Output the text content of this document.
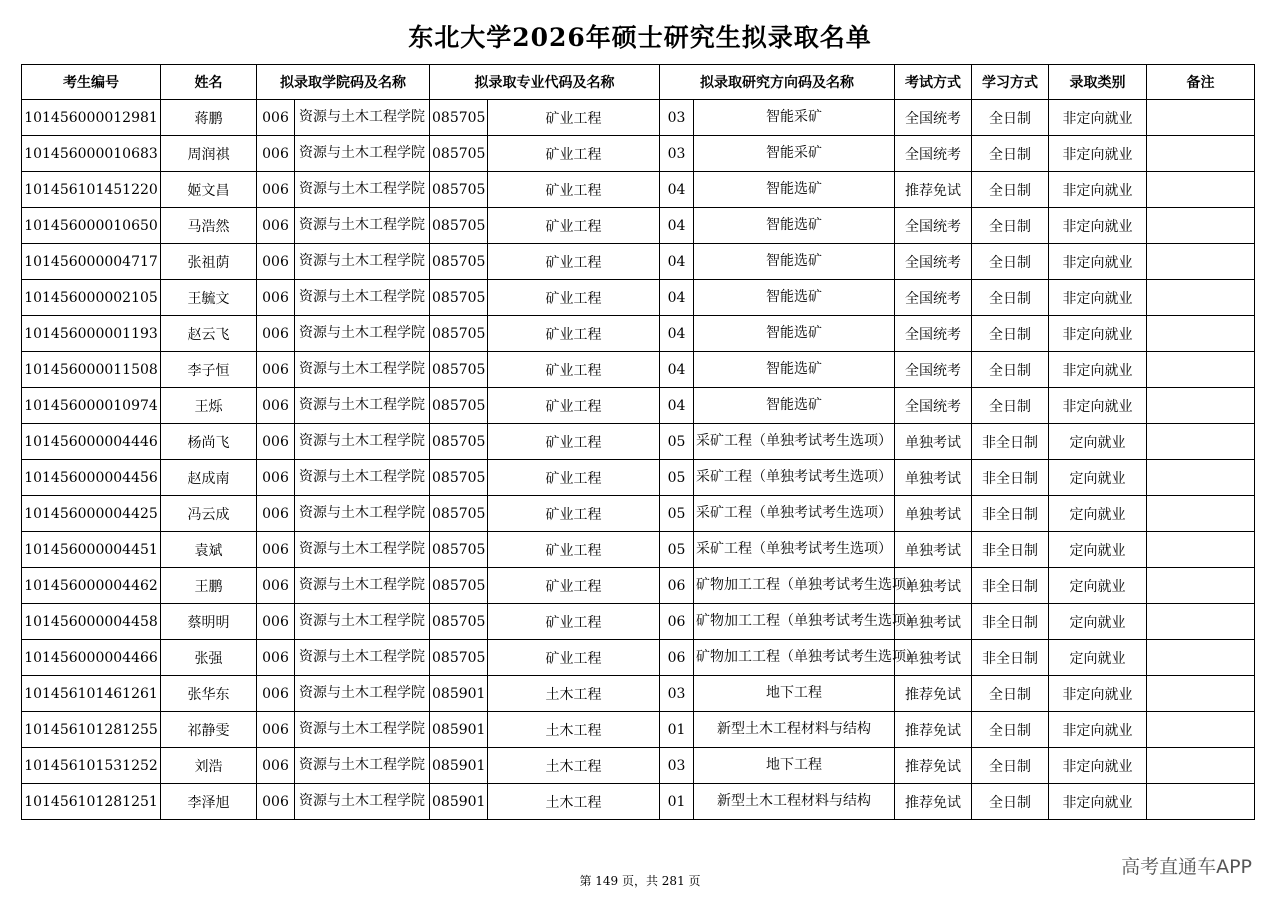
东北大学2026年硕士研究生拟录取名单
考生编号	姓名	拟录取学院码及名称		拟录取专业代码及名称		拟录取研究方向码及名称		考试方式	学习方式	录取类别	备注
101456000012981	蒋鹏	006	资源与土木工程学院	085705	矿业工程	03	智能采矿	全国统考	全日制	非定向就业	
101456000010683	周润祺	006	资源与土木工程学院	085705	矿业工程	03	智能采矿	全国统考	全日制	非定向就业	
101456101451220	姬文昌	006	资源与土木工程学院	085705	矿业工程	04	智能选矿	推荐免试	全日制	非定向就业	
101456000010650	马浩然	006	资源与土木工程学院	085705	矿业工程	04	智能选矿	全国统考	全日制	非定向就业	
101456000004717	张祖荫	006	资源与土木工程学院	085705	矿业工程	04	智能选矿	全国统考	全日制	非定向就业	
101456000002105	王毓文	006	资源与土木工程学院	085705	矿业工程	04	智能选矿	全国统考	全日制	非定向就业	
101456000001193	赵云飞	006	资源与土木工程学院	085705	矿业工程	04	智能选矿	全国统考	全日制	非定向就业	
101456000011508	李子恒	006	资源与土木工程学院	085705	矿业工程	04	智能选矿	全国统考	全日制	非定向就业	
101456000010974	王烁	006	资源与土木工程学院	085705	矿业工程	04	智能选矿	全国统考	全日制	非定向就业	
101456000004446	杨尚飞	006	资源与土木工程学院	085705	矿业工程	05	采矿工程（单独考试考生选项）	单独考试	非全日制	定向就业	
101456000004456	赵成南	006	资源与土木工程学院	085705	矿业工程	05	采矿工程（单独考试考生选项）	单独考试	非全日制	定向就业	
101456000004425	冯云成	006	资源与土木工程学院	085705	矿业工程	05	采矿工程（单独考试考生选项）	单独考试	非全日制	定向就业	
101456000004451	袁斌	006	资源与土木工程学院	085705	矿业工程	05	采矿工程（单独考试考生选项）	单独考试	非全日制	定向就业	
101456000004462	王鹏	006	资源与土木工程学院	085705	矿业工程	06	矿物加工工程（单独考试考生选项）	单独考试	非全日制	定向就业	
101456000004458	蔡明明	006	资源与土木工程学院	085705	矿业工程	06	矿物加工工程（单独考试考生选项）	单独考试	非全日制	定向就业	
101456000004466	张强	006	资源与土木工程学院	085705	矿业工程	06	矿物加工工程（单独考试考生选项）	单独考试	非全日制	定向就业	
101456101461261	张华东	006	资源与土木工程学院	085901	土木工程	03	地下工程	推荐免试	全日制	非定向就业	
101456101281255	祁静雯	006	资源与土木工程学院	085901	土木工程	01	新型土木工程材料与结构	推荐免试	全日制	非定向就业	
101456101531252	刘浩	006	资源与土木工程学院	085901	土木工程	03	地下工程	推荐免试	全日制	非定向就业	
101456101281251	李泽旭	006	资源与土木工程学院	085901	土木工程	01	新型土木工程材料与结构	推荐免试	全日制	非定向就业	
第 149 页，共 281 页
高考直通车APP
